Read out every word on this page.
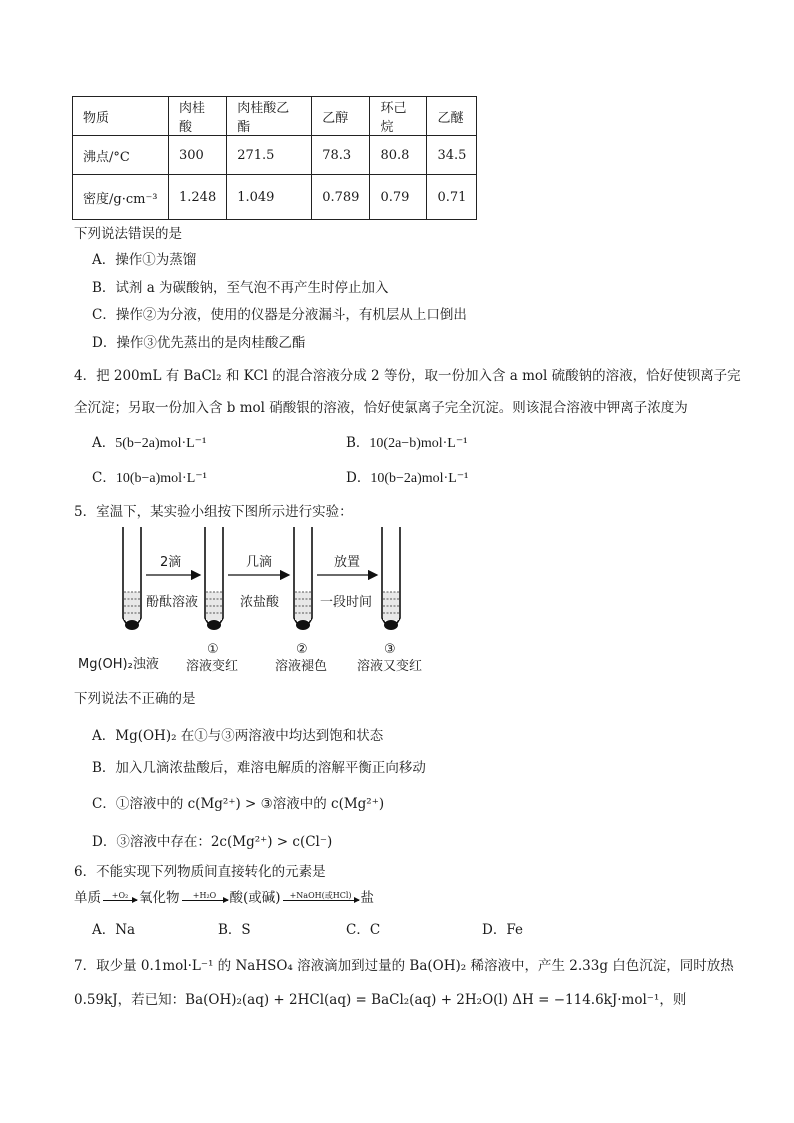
物质	肉桂酸	肉桂酸乙酯	乙醇	环己烷	乙醚
沸点/°C	300	271.5	78.3	80.8	34.5
密度/g·cm⁻³	1.248	1.049	0.789	0.79	0.71
下列说法错误的是
A．操作①为蒸馏
B．试剂 a 为碳酸钠，至气泡不再产生时停止加入
C．操作②为分液，使用的仪器是分液漏斗，有机层从上口倒出
D．操作③优先蒸出的是肉桂酸乙酯
4．把 200mL 有 BaCl₂ 和 KCl 的混合溶液分成 2 等份，取一份加入含 a mol 硫酸钠的溶液，恰好使钡离子完
全沉淀；另取一份加入含 b mol 硝酸银的溶液，恰好使氯离子完全沉淀。则该混合溶液中钾离子浓度为
A．5(b−2a)mol·L⁻¹	B．10(2a−b)mol·L⁻¹
C．10(b−a)mol·L⁻¹	D．10(b−2a)mol·L⁻¹
5．室温下，某实验小组按下图所示进行实验：
2滴
酚酞溶液
几滴
浓盐酸
放置
一段时间
Mg(OH)₂浊液
①
溶液变红
②
溶液褪色
③
溶液又变红
下列说法不正确的是
A．Mg(OH)₂ 在①与③两溶液中均达到饱和状态
B．加入几滴浓盐酸后，难溶电解质的溶解平衡正向移动
C．①溶液中的 c(Mg²⁺) > ③溶液中的 c(Mg²⁺)
D．③溶液中存在：2c(Mg²⁺) > c(Cl⁻)
6．不能实现下列物质间直接转化的元素是
单质 +O₂ 氧化物 +H₂O 酸(或碱) +NaOH(或HCl) 盐
A．Na	B．S	C．C	D．Fe
7．取少量 0.1mol·L⁻¹ 的 NaHSO₄ 溶液滴加到过量的 Ba(OH)₂ 稀溶液中，产生 2.33g 白色沉淀，同时放热
0.59kJ，若已知：Ba(OH)₂(aq) + 2HCl(aq) = BaCl₂(aq) + 2H₂O(l) ΔH = −114.6kJ·mol⁻¹，则
